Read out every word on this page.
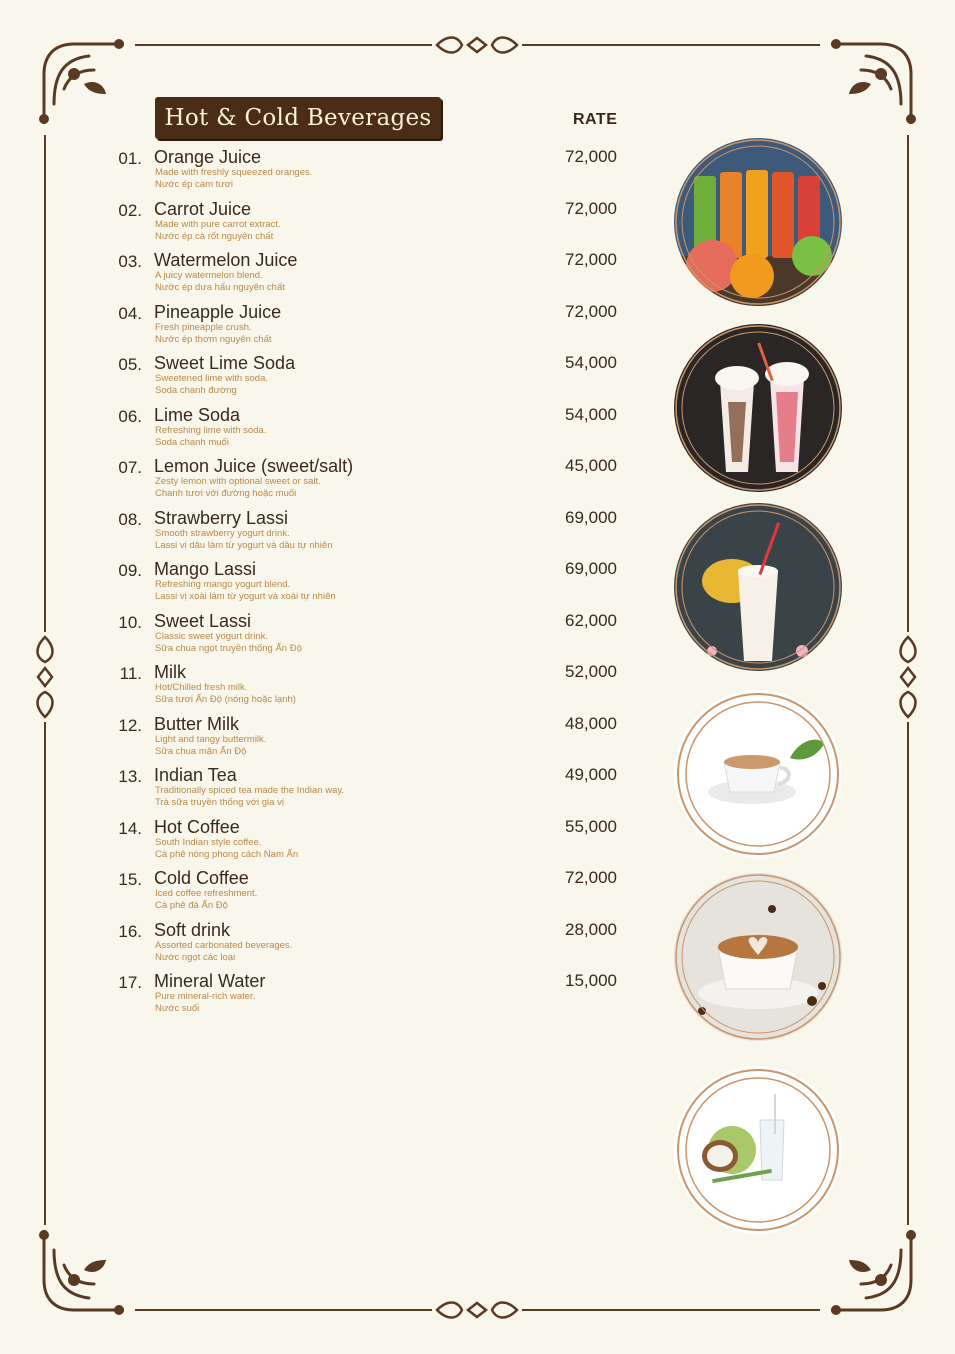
Hot & Cold Beverages	RATE
01. Orange Juice
Made with freshly squeezed oranges.
Nước ép cam tươi
72,000
02. Carrot Juice
Made with pure carrot extract.
Nước ép cà rốt nguyên chất
72,000
03. Watermelon Juice
A juicy watermelon blend.
Nước ép dưa hấu nguyên chất
72,000
04. Pineapple Juice
Fresh pineapple crush.
Nước ép thơm nguyên chất
72,000
05. Sweet Lime Soda
Sweetened lime with soda.
Soda chanh đường
54,000
06. Lime Soda
Refreshing lime with soda.
Soda chanh muối
54,000
07. Lemon Juice (sweet/salt)
Zesty lemon with optional sweet or salt.
Chanh tươi với đường hoặc muối
45,000
08. Strawberry Lassi
Smooth strawberry yogurt drink.
Lassi vị dâu làm từ yogurt và dâu tự nhiên
69,000
09. Mango Lassi
Refreshing mango yogurt blend.
Lassi vị xoài làm từ yogurt và xoài tự nhiên
69,000
10. Sweet Lassi
Classic sweet yogurt drink.
Sữa chua ngọt truyền thống Ấn Độ
62,000
11. Milk
Hot/Chilled fresh milk.
Sữa tươi Ấn Độ (nóng hoặc lạnh)
52,000
12. Butter Milk
Light and tangy buttermilk.
Sữa chua mặn Ấn Độ
48,000
13. Indian Tea
Traditionally spiced tea made the Indian way.
Trà sữa truyền thống với gia vị
49,000
14. Hot Coffee
South Indian style coffee.
Cà phê nóng phong cách Nam Ấn
55,000
15. Cold Coffee
Iced coffee refreshment.
Cà phê đá Ấn Độ
72,000
16. Soft drink
Assorted carbonated beverages.
Nước ngọt các loại
28,000
17. Mineral Water
Pure mineral-rich water.
Nước suối
15,000
